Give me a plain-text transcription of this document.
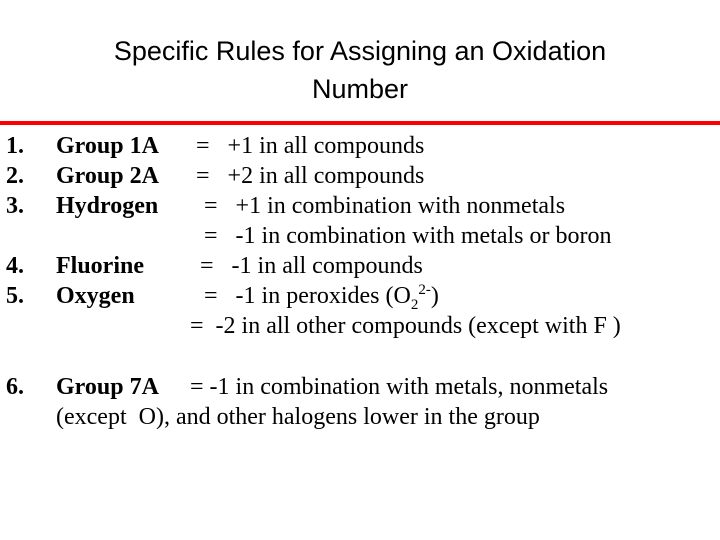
Specific Rules for Assigning an Oxidation
Number
1. Group 1A =   +1 in all compounds
2. Group 2A =   +2 in all compounds
3. Hydrogen =   +1 in combination with nonmetals
=   -1 in combination with metals or boron
4. Fluorine =   -1 in all compounds
5. Oxygen	=   -1 in peroxides $(O_2^{2-})$
=  -2 in all other compounds (except with F )
6. Group 7A = -1 in combination with metals, nonmetals
(except  O), and other halogens lower in the group
